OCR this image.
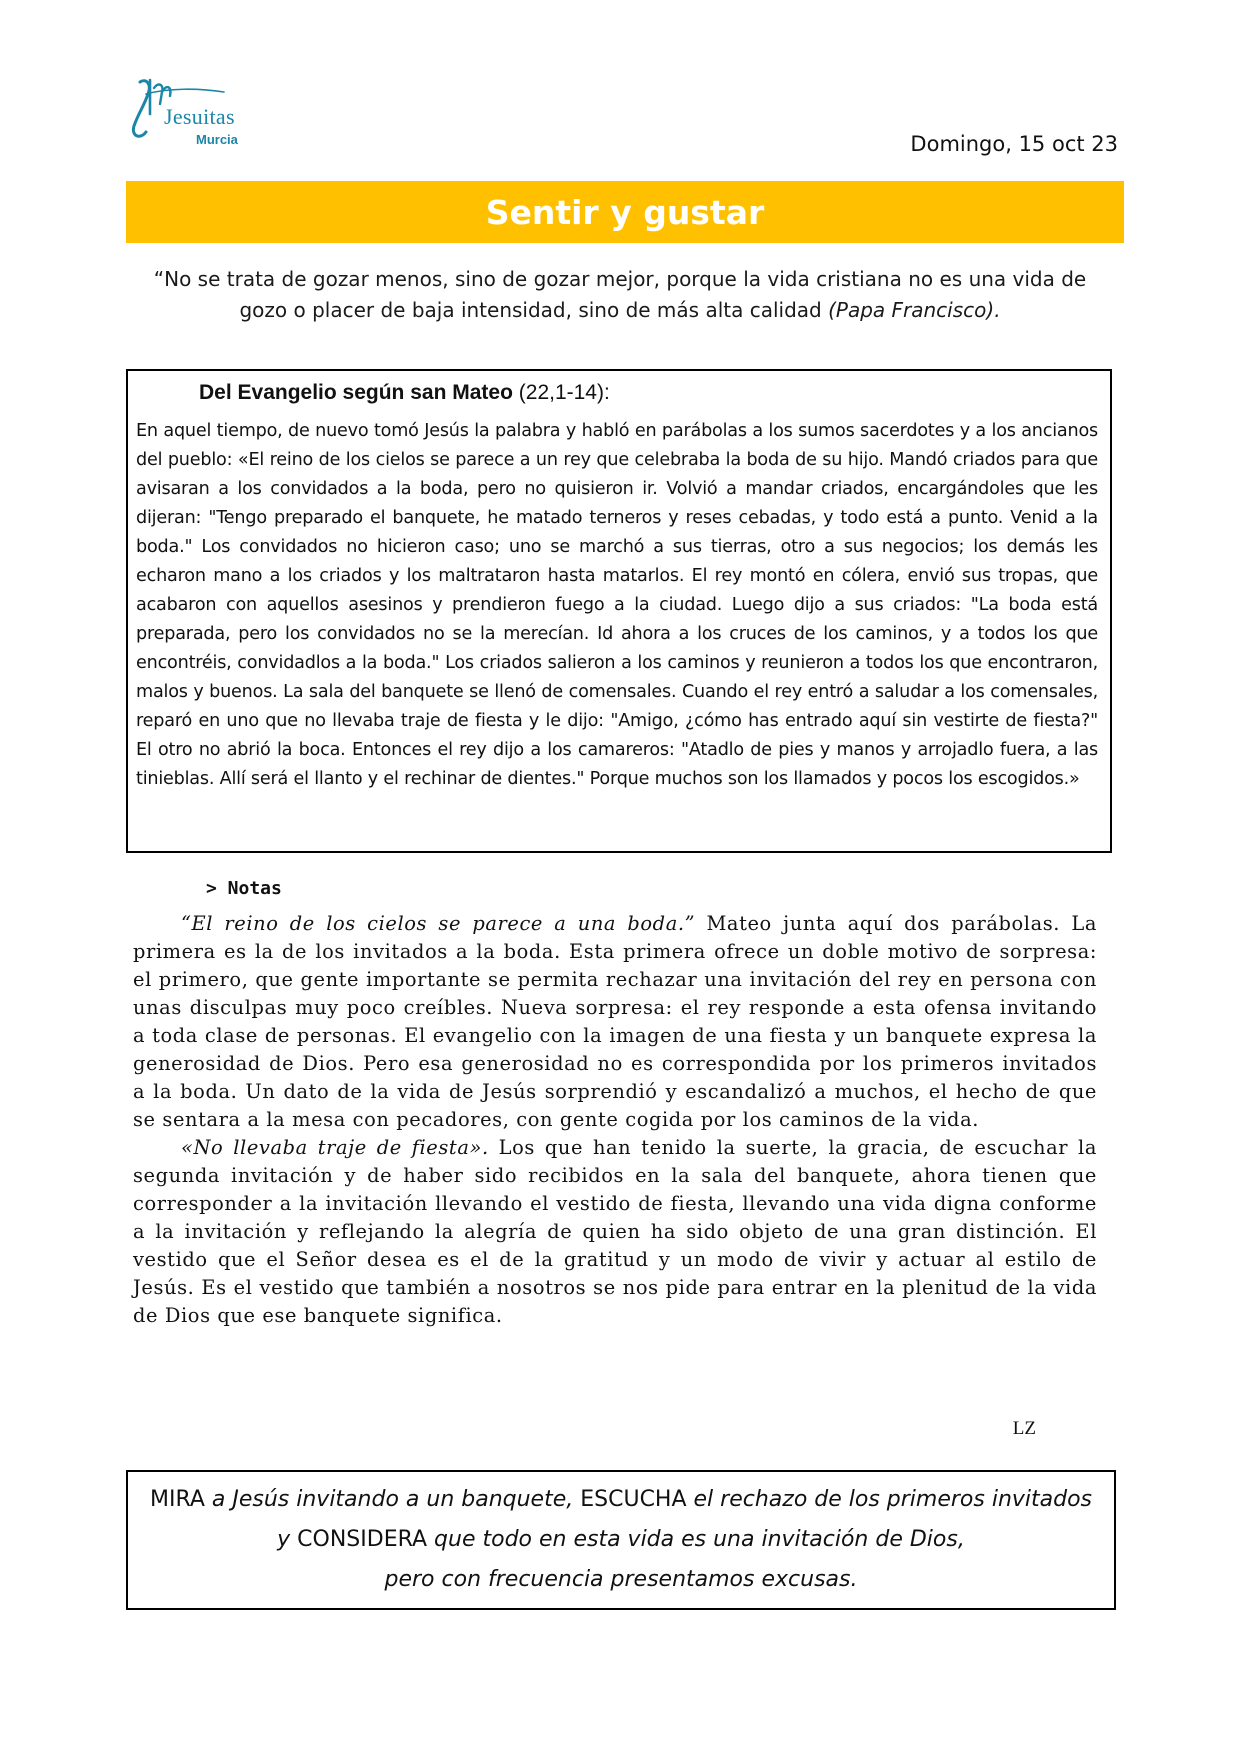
Jesuitas
Murcia	Domingo, 15 oct 23
Sentir y gustar
“No se trata de gozar menos, sino de gozar mejor, porque la vida cristiana no es una vida de gozo o placer de baja intensidad, sino de más alta calidad (Papa Francisco).
Del Evangelio según san Mateo (22,1-14):
En aquel tiempo, de nuevo tomó Jesús la palabra y habló en parábolas a los sumos sacerdotes y a los ancianos del pueblo: «El reino de los cielos se parece a un rey que celebraba la boda de su hijo. Mandó criados para que avisaran a los convidados a la boda, pero no quisieron ir. Volvió a mandar criados, encargándoles que les dijeran: "Tengo preparado el banquete, he matado terneros y reses cebadas, y todo está a punto. Venid a la boda." Los convidados no hicieron caso; uno se marchó a sus tierras, otro a sus negocios; los demás les echaron mano a los criados y los maltrataron hasta matarlos. El rey montó en cólera, envió sus tropas, que acabaron con aquellos asesinos y prendieron fuego a la ciudad. Luego dijo a sus criados: "La boda está preparada, pero los convidados no se la merecían. Id ahora a los cruces de los caminos, y a todos los que encontréis, convidadlos a la boda." Los criados salieron a los caminos y reunieron a todos los que encontraron, malos y buenos. La sala del banquete se llenó de comensales. Cuando el rey entró a saludar a los comensales, reparó en uno que no llevaba traje de fiesta y le dijo: "Amigo, ¿cómo has entrado aquí sin vestirte de fiesta?" El otro no abrió la boca. Entonces el rey dijo a los camareros: "Atadlo de pies y manos y arrojadlo fuera, a las tinieblas. Allí será el llanto y el rechinar de dientes." Porque muchos son los llamados y pocos los escogidos.»
> Notas

“El reino de los cielos se parece a una boda.” Mateo junta aquí dos parábolas. La primera es la de los invitados a la boda. Esta primera ofrece un doble motivo de sorpresa: el primero, que gente importante se permita rechazar una invitación del rey en persona con unas disculpas muy poco creíbles. Nueva sorpresa: el rey responde a esta ofensa invitando a toda clase de personas. El evangelio con la imagen de una fiesta y un banquete expresa la generosidad de Dios. Pero esa generosidad no es correspondida por los primeros invitados a la boda. Un dato de la vida de Jesús sorprendió y escandalizó a muchos, el hecho de que se sentara a la mesa con pecadores, con gente cogida por los caminos de la vida.

«No llevaba traje de fiesta». Los que han tenido la suerte, la gracia, de escuchar la segunda invitación y de haber sido recibidos en la sala del banquete, ahora tienen que corresponder a la invitación llevando el vestido de fiesta, llevando una vida digna conforme a la invitación y reflejando la alegría de quien ha sido objeto de una gran distinción. El vestido que el Señor desea es el de la gratitud y un modo de vivir y actuar al estilo de Jesús. Es el vestido que también a nosotros se nos pide para entrar en la plenitud de la vida de Dios que ese banquete significa.

LZ
MIRA a Jesús invitando a un banquete, ESCUCHA el rechazo de los primeros invitados
y CONSIDERA que todo en esta vida es una invitación de Dios,
pero con frecuencia presentamos excusas.
